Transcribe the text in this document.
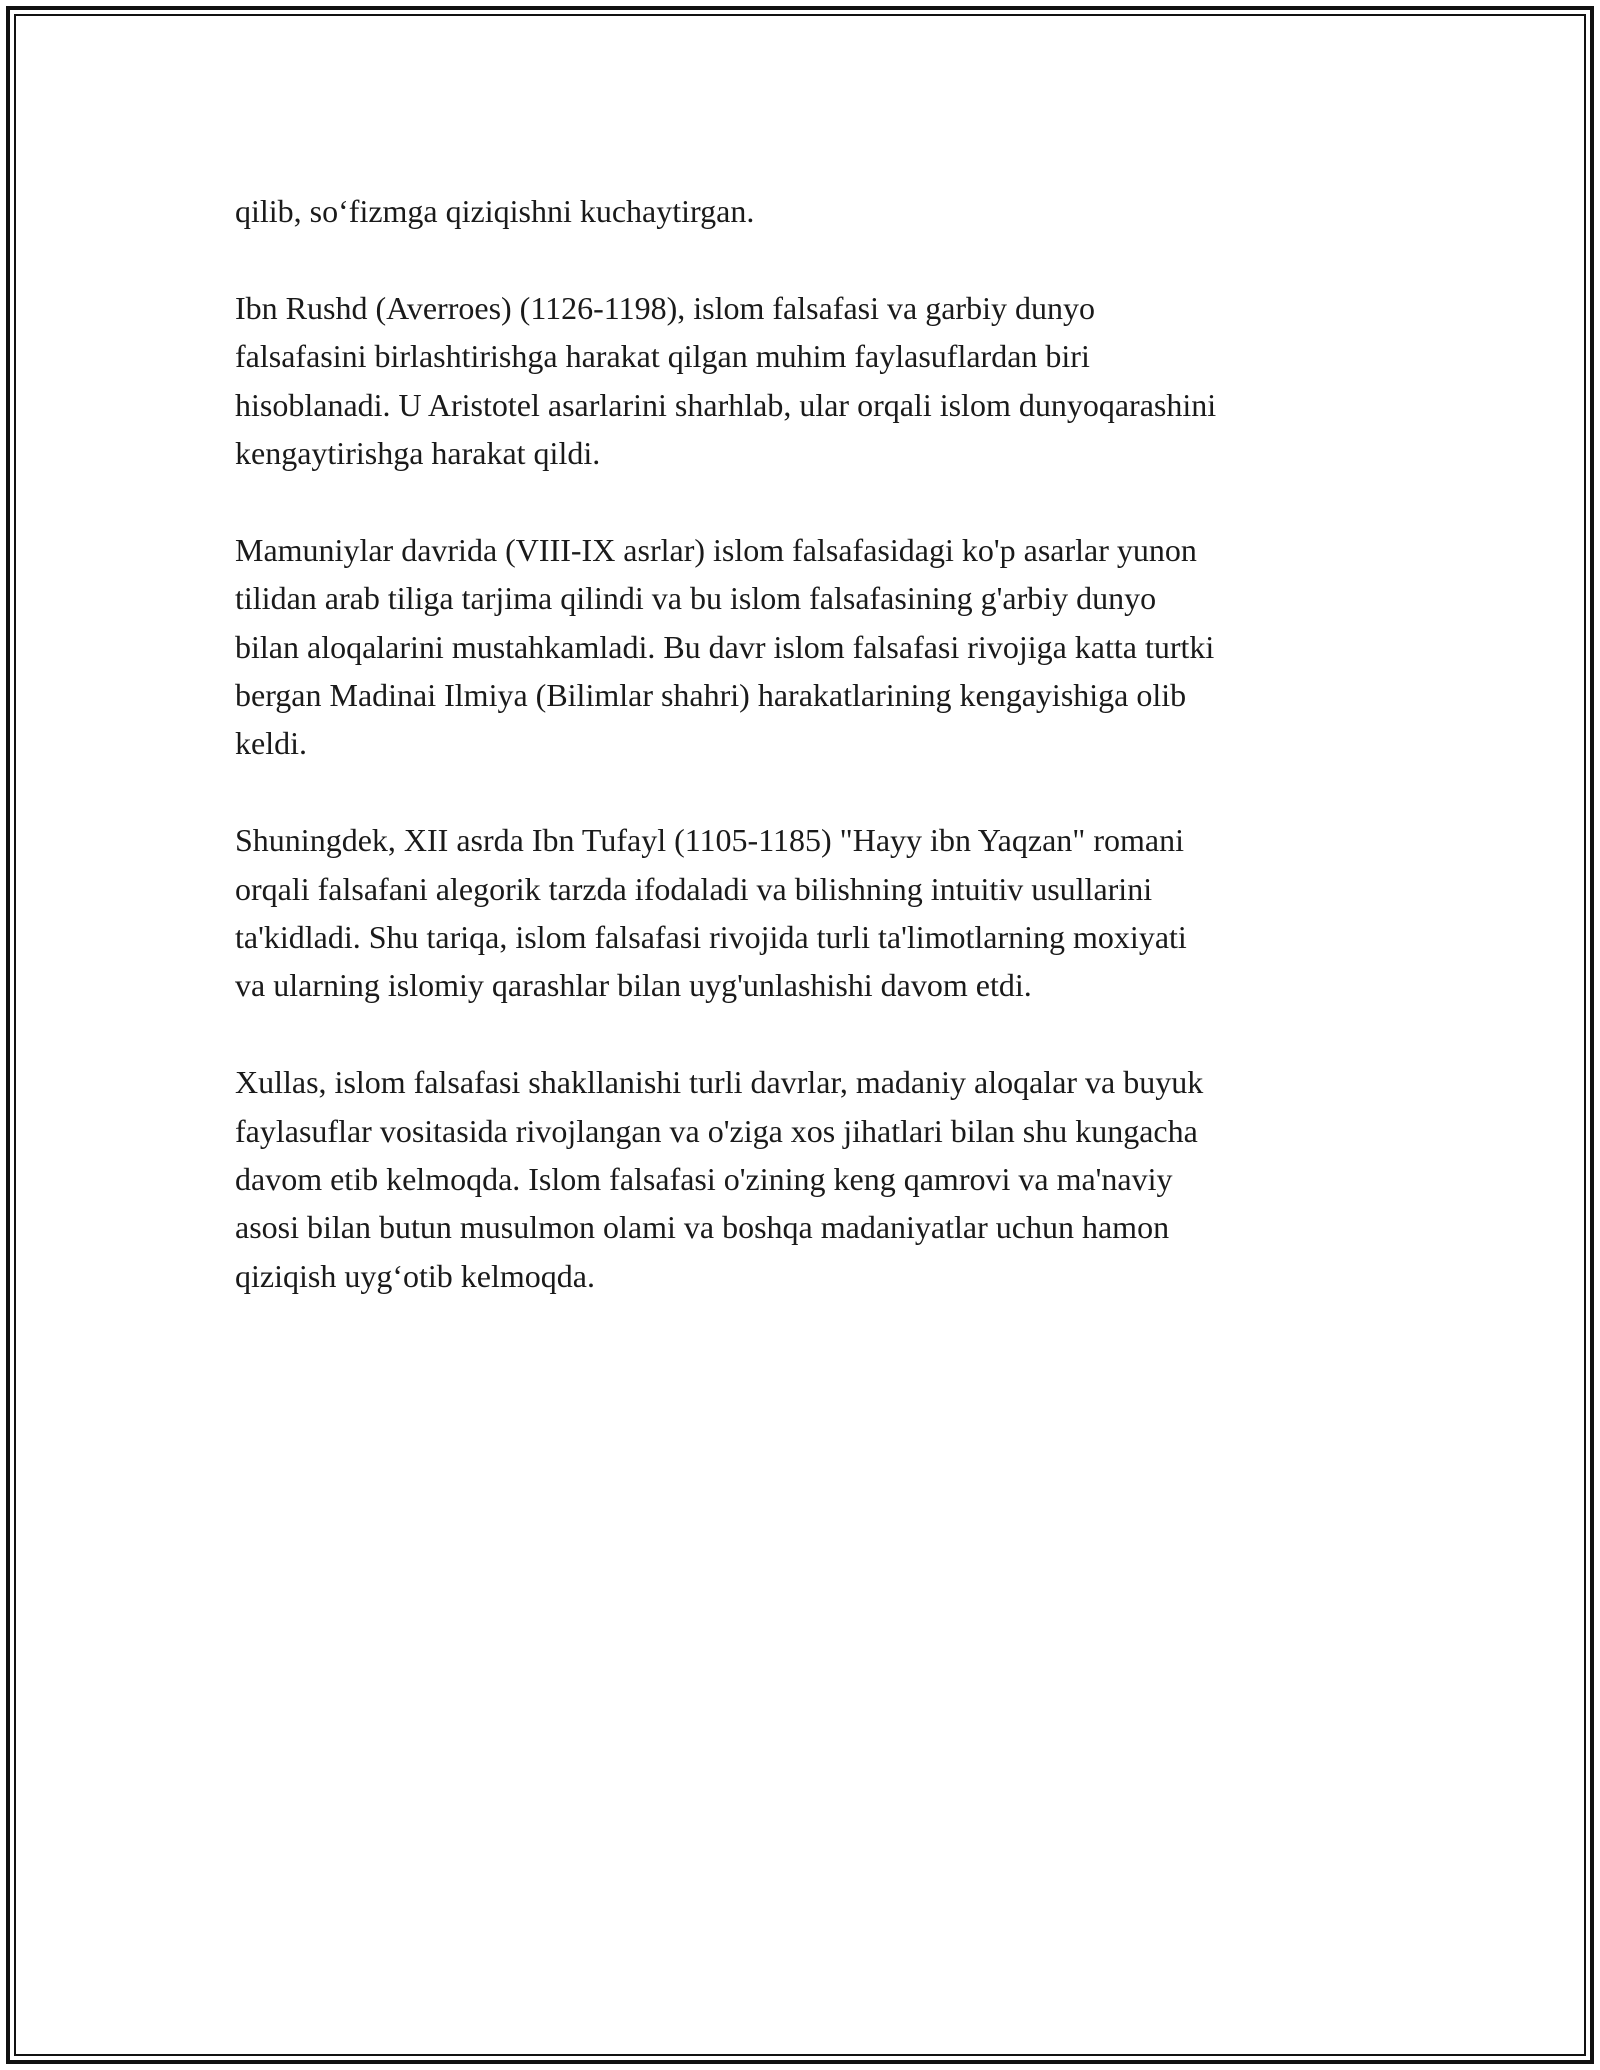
qilib, so‘fizmga qiziqishni kuchaytirgan.

Ibn Rushd (Averroes) (1126-1198), islom falsafasi va garbiy dunyo
falsafasini birlashtirishga harakat qilgan muhim faylasuflardan biri
hisoblanadi. U Aristotel asarlarini sharhlab, ular orqali islom dunyoqarashini
kengaytirishga harakat qildi.

Mamuniylar davrida (VIII-IX asrlar) islom falsafasidagi ko'p asarlar yunon
tilidan arab tiliga tarjima qilindi va bu islom falsafasining g'arbiy dunyo
bilan aloqalarini mustahkamladi. Bu davr islom falsafasi rivojiga katta turtki
bergan Madinai Ilmiya (Bilimlar shahri) harakatlarining kengayishiga olib
keldi.

Shuningdek, XII asrda Ibn Tufayl (1105-1185) "Hayy ibn Yaqzan" romani
orqali falsafani alegorik tarzda ifodaladi va bilishning intuitiv usullarini
ta'kidladi. Shu tariqa, islom falsafasi rivojida turli ta'limotlarning moxiyati
va ularning islomiy qarashlar bilan uyg'unlashishi davom etdi.

Xullas, islom falsafasi shakllanishi turli davrlar, madaniy aloqalar va buyuk
faylasuflar vositasida rivojlangan va o'ziga xos jihatlari bilan shu kungacha
davom etib kelmoqda. Islom falsafasi o'zining keng qamrovi va ma'naviy
asosi bilan butun musulmon olami va boshqa madaniyatlar uchun hamon
qiziqish uyg‘otib kelmoqda.
